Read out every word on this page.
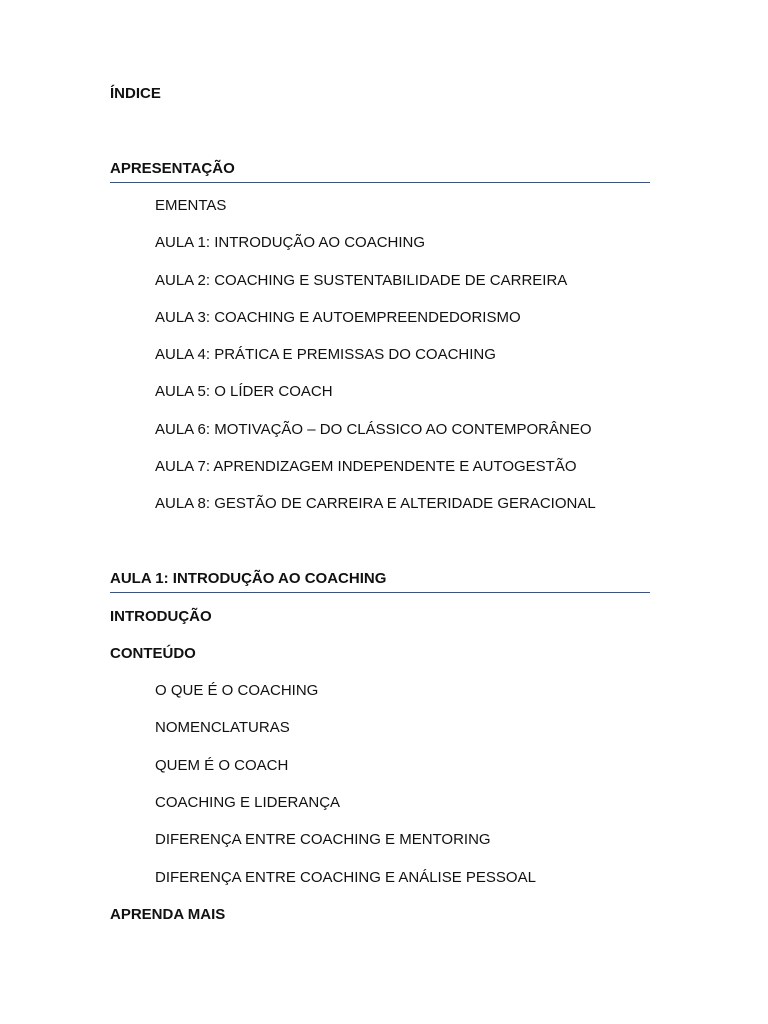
ÍNDICE
APRESENTAÇÃO
EMENTAS
AULA 1: INTRODUÇÃO AO COACHING
AULA 2: COACHING E SUSTENTABILIDADE DE CARREIRA
AULA 3: COACHING E AUTOEMPREENDEDORISMO
AULA 4: PRÁTICA E PREMISSAS DO COACHING
AULA 5: O LÍDER COACH
AULA 6: MOTIVAÇÃO – DO CLÁSSICO AO CONTEMPORÂNEO
AULA 7: APRENDIZAGEM INDEPENDENTE E AUTOGESTÃO
AULA 8: GESTÃO DE CARREIRA E ALTERIDADE GERACIONAL
AULA 1: INTRODUÇÃO AO COACHING
INTRODUÇÃO
CONTEÚDO
O QUE É O COACHING
NOMENCLATURAS
QUEM É O COACH
COACHING E LIDERANÇA
DIFERENÇA ENTRE COACHING E MENTORING
DIFERENÇA ENTRE COACHING E ANÁLISE PESSOAL
APRENDA MAIS
